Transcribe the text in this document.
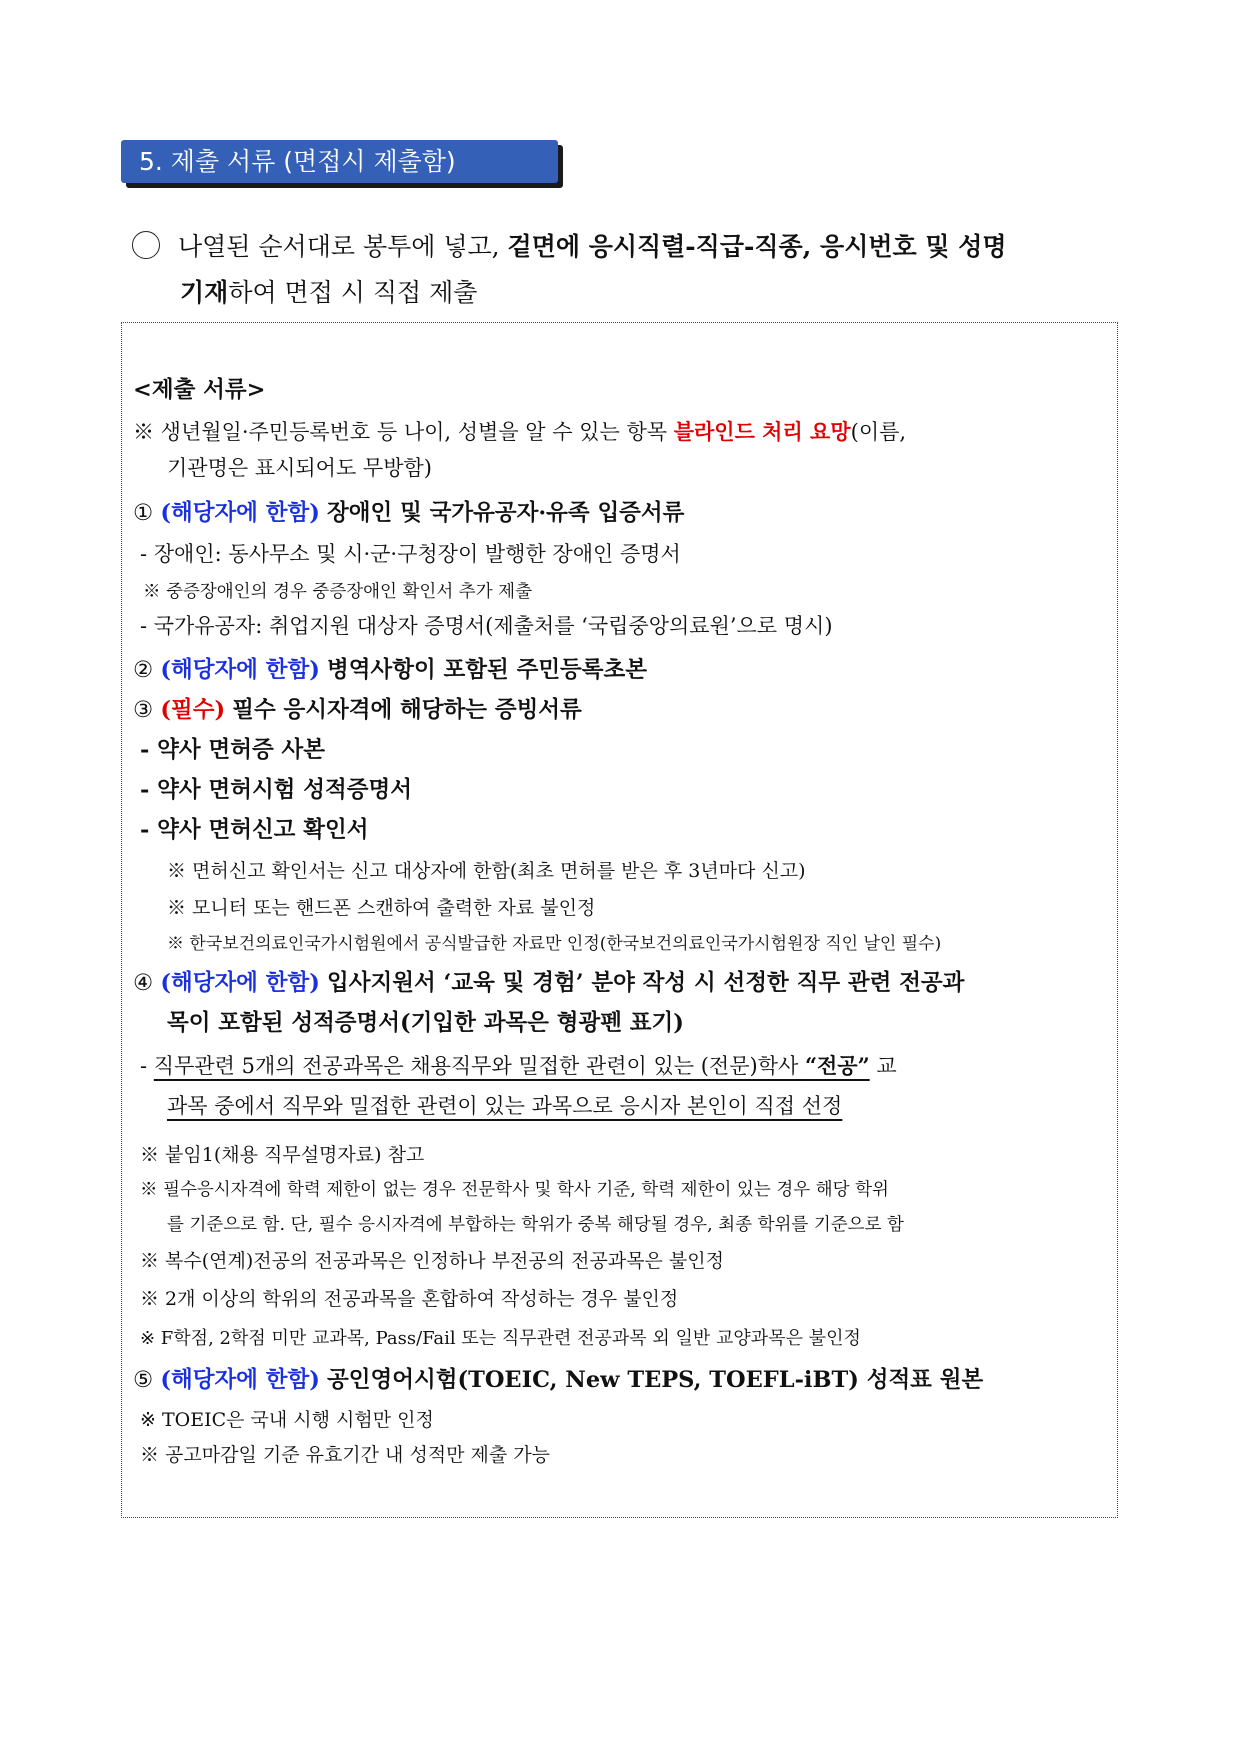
5. 제출 서류 (면접시 제출함)
나열된 순서대로 봉투에 넣고, 겉면에 응시직렬-직급-직종, 응시번호 및 성명
기재하여 면접 시 직접 제출
<제출 서류>
※ 생년월일·주민등록번호 등 나이, 성별을 알 수 있는 항목 블라인드 처리 요망(이름,
기관명은 표시되어도 무방함)
① (해당자에 한함) 장애인 및 국가유공자·유족 입증서류
- 장애인: 동사무소 및 시·군·구청장이 발행한 장애인 증명서
※ 중증장애인의 경우 중증장애인 확인서 추가 제출
- 국가유공자: 취업지원 대상자 증명서(제출처를 ‘국립중앙의료원’으로 명시)
② (해당자에 한함) 병역사항이 포함된 주민등록초본
③ (필수) 필수 응시자격에 해당하는 증빙서류
- 약사 면허증 사본
- 약사 면허시험 성적증명서
- 약사 면허신고 확인서
※ 면허신고 확인서는 신고 대상자에 한함(최초 면허를 받은 후 3년마다 신고)
※ 모니터 또는 핸드폰 스캔하여 출력한 자료 불인정
※ 한국보건의료인국가시험원에서 공식발급한 자료만 인정(한국보건의료인국가시험원장 직인 날인 필수)
④ (해당자에 한함) 입사지원서 ‘교육 및 경험’ 분야 작성 시 선정한 직무 관련 전공과
목이 포함된 성적증명서(기입한 과목은 형광펜 표기)
- 직무관련 5개의 전공과목은 채용직무와 밀접한 관련이 있는 (전문)학사 “전공” 교
과목 중에서 직무와 밀접한 관련이 있는 과목으로 응시자 본인이 직접 선정
※ 붙임1(채용 직무설명자료) 참고
※ 필수응시자격에 학력 제한이 없는 경우 전문학사 및 학사 기준, 학력 제한이 있는 경우 해당 학위
를 기준으로 함. 단, 필수 응시자격에 부합하는 학위가 중복 해당될 경우, 최종 학위를 기준으로 함
※ 복수(연계)전공의 전공과목은 인정하나 부전공의 전공과목은 불인정
※ 2개 이상의 학위의 전공과목을 혼합하여 작성하는 경우 불인정
※ F학점, 2학점 미만 교과목, Pass/Fail 또는 직무관련 전공과목 외 일반 교양과목은 불인정
⑤ (해당자에 한함) 공인영어시험(TOEIC, New TEPS, TOEFL-iBT) 성적표 원본
※ TOEIC은 국내 시행 시험만 인정
※ 공고마감일 기준 유효기간 내 성적만 제출 가능
